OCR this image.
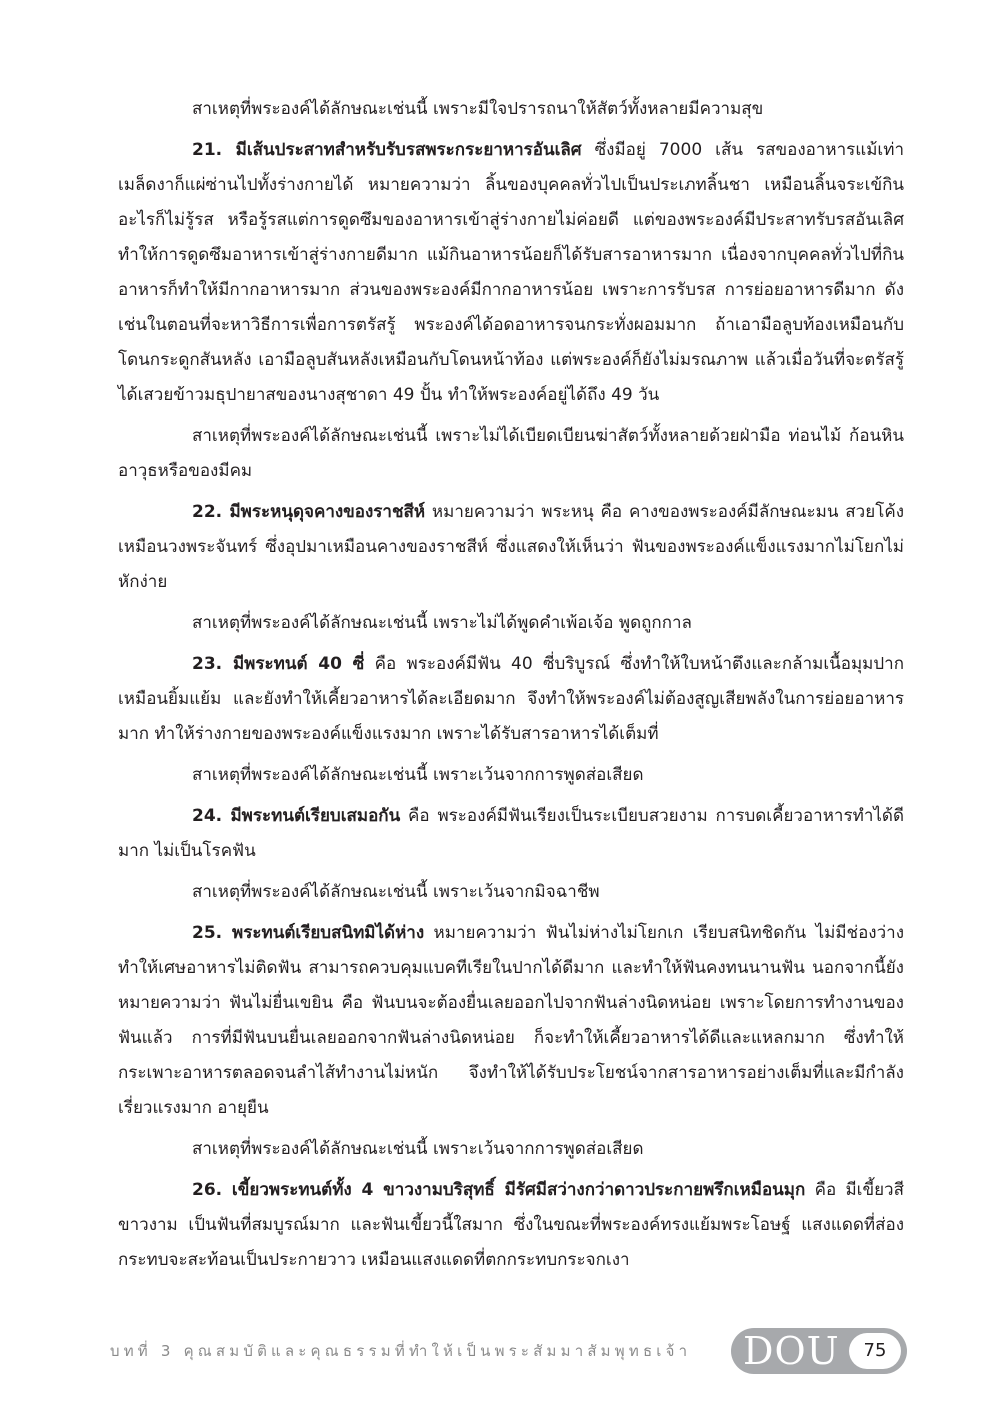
สาเหตุที่พระองค์ได้ลักษณะเช่นนี้ เพราะมีใจปรารถนาให้สัตว์ทั้งหลายมีความสุข

21. มีเส้นประสาทสำหรับรับรสพระกระยาหารอันเลิศ ซึ่งมีอยู่ 7000 เส้น รสของอาหารแม้เท่าเมล็ดงาก็แผ่ซ่านไปทั้งร่างกายได้ หมายความว่า ลิ้นของบุคคลทั่วไปเป็นประเภทลิ้นชา เหมือนลิ้นจระเข้กินอะไรก็ไม่รู้รส หรือรู้รสแต่การดูดซึมของอาหารเข้าสู่ร่างกายไม่ค่อยดี แต่ของพระองค์มีประสาทรับรสอันเลิศ ทำให้การดูดซึมอาหารเข้าสู่ร่างกายดีมาก แม้กินอาหารน้อยก็ได้รับสารอาหารมาก เนื่องจากบุคคลทั่วไปที่กินอาหารก็ทำให้มีกากอาหารมาก ส่วนของพระองค์มีกากอาหารน้อย เพราะการรับรส การย่อยอาหารดีมาก ดังเช่นในตอนที่จะหาวิธีการเพื่อการตรัสรู้ พระองค์ได้อดอาหารจนกระทั่งผอมมาก ถ้าเอามือลูบท้องเหมือนกับโดนกระดูกสันหลัง เอามือลูบสันหลังเหมือนกับโดนหน้าท้อง แต่พระองค์ก็ยังไม่มรณภาพ แล้วเมื่อวันที่จะตรัสรู้ได้เสวยข้าวมธุปายาสของนางสุชาดา 49 ปั้น ทำให้พระองค์อยู่ได้ถึง 49 วัน

สาเหตุที่พระองค์ได้ลักษณะเช่นนี้ เพราะไม่ได้เบียดเบียนฆ่าสัตว์ทั้งหลายด้วยฝ่ามือ ท่อนไม้ ก้อนหินอาวุธหรือของมีคม

22. มีพระหนุดุจคางของราชสีห์ หมายความว่า พระหนุ คือ คางของพระองค์มีลักษณะมน สวยโค้งเหมือนวงพระจันทร์ ซึ่งอุปมาเหมือนคางของราชสีห์ ซึ่งแสดงให้เห็นว่า ฟันของพระองค์แข็งแรงมากไม่โยกไม่หักง่าย

สาเหตุที่พระองค์ได้ลักษณะเช่นนี้ เพราะไม่ได้พูดคำเพ้อเจ้อ พูดถูกกาล

23. มีพระทนต์ 40 ซี่ คือ พระองค์มีฟัน 40 ซี่บริบูรณ์ ซึ่งทำให้ใบหน้าตึงและกล้ามเนื้อมุมปากเหมือนยิ้มแย้ม และยังทำให้เคี้ยวอาหารได้ละเอียดมาก จึงทำให้พระองค์ไม่ต้องสูญเสียพลังในการย่อยอาหารมาก ทำให้ร่างกายของพระองค์แข็งแรงมาก เพราะได้รับสารอาหารได้เต็มที่

สาเหตุที่พระองค์ได้ลักษณะเช่นนี้ เพราะเว้นจากการพูดส่อเสียด

24. มีพระทนต์เรียบเสมอกัน คือ พระองค์มีฟันเรียงเป็นระเบียบสวยงาม การบดเคี้ยวอาหารทำได้ดีมาก ไม่เป็นโรคฟัน

สาเหตุที่พระองค์ได้ลักษณะเช่นนี้ เพราะเว้นจากมิจฉาชีพ

25. พระทนต์เรียบสนิทมิได้ห่าง หมายความว่า ฟันไม่ห่างไม่โยกเก เรียบสนิทชิดกัน ไม่มีช่องว่างทำให้เศษอาหารไม่ติดฟัน สามารถควบคุมแบคทีเรียในปากได้ดีมาก และทำให้ฟันคงทนนานฟัน นอกจากนี้ยังหมายความว่า ฟันไม่ยื่นเขยิน คือ ฟันบนจะต้องยื่นเลยออกไปจากฟันล่างนิดหน่อย เพราะโดยการทำงานของฟันแล้ว การที่มีฟันบนยื่นเลยออกจากฟันล่างนิดหน่อย ก็จะทำให้เคี้ยวอาหารได้ดีและแหลกมาก ซึ่งทำให้กระเพาะอาหารตลอดจนลำไส้ทำงานไม่หนัก จึงทำให้ได้รับประโยชน์จากสารอาหารอย่างเต็มที่และมีกำลังเรี่ยวแรงมาก อายุยืน

สาเหตุที่พระองค์ได้ลักษณะเช่นนี้ เพราะเว้นจากการพูดส่อเสียด

26. เขี้ยวพระทนต์ทั้ง 4 ขาวงามบริสุทธิ์ มีรัศมีสว่างกว่าดาวประกายพรึกเหมือนมุก คือ มีเขี้ยวสีขาวงาม เป็นฟันที่สมบูรณ์มาก และฟันเขี้ยวนี้ใสมาก ซึ่งในขณะที่พระองค์ทรงแย้มพระโอษฐ์ แสงแดดที่ส่องกระทบจะสะท้อนเป็นประกายวาว เหมือนแสงแดดที่ตกกระทบกระจกเงา

บทที่ 3 คุณสมบัติและคุณธรรมที่ทำให้เป็นพระสัมมาสัมพุทธเจ้า DOU	75
